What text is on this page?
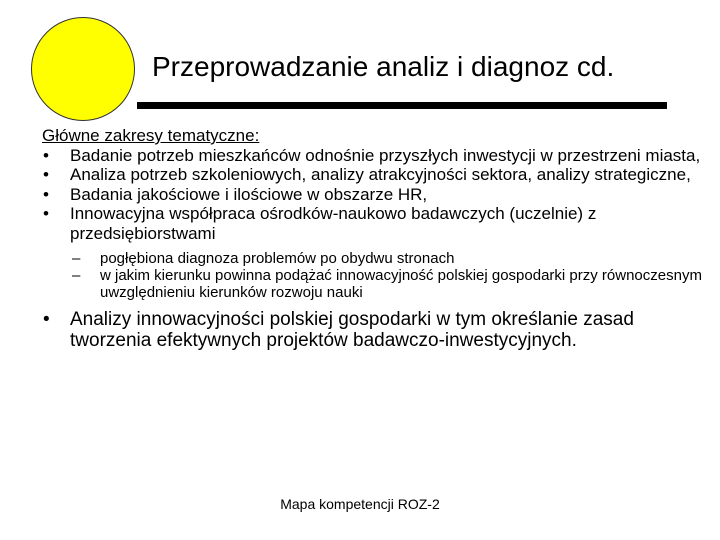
Przeprowadzanie analiz i diagnoz cd.
Główne zakresy tematyczne:
• Badanie potrzeb mieszkańców odnośnie przyszłych inwestycji w przestrzeni miasta,
• Analiza potrzeb szkoleniowych, analizy atrakcyjności sektora, analizy strategiczne,
• Badania jakościowe i ilościowe w obszarze HR,
• Innowacyjna współpraca ośrodków-naukowo badawczych (uczelnie) z przedsiębiorstwami
– pogłębiona diagnoza problemów po obydwu stronach
– w jakim kierunku powinna podążać innowacyjność polskiej gospodarki przy równoczesnym uwzględnieniu kierunków rozwoju nauki
• Analizy innowacyjności polskiej gospodarki w tym określanie zasad tworzenia efektywnych projektów badawczo-inwestycyjnych.
Mapa kompetencji ROZ-2
